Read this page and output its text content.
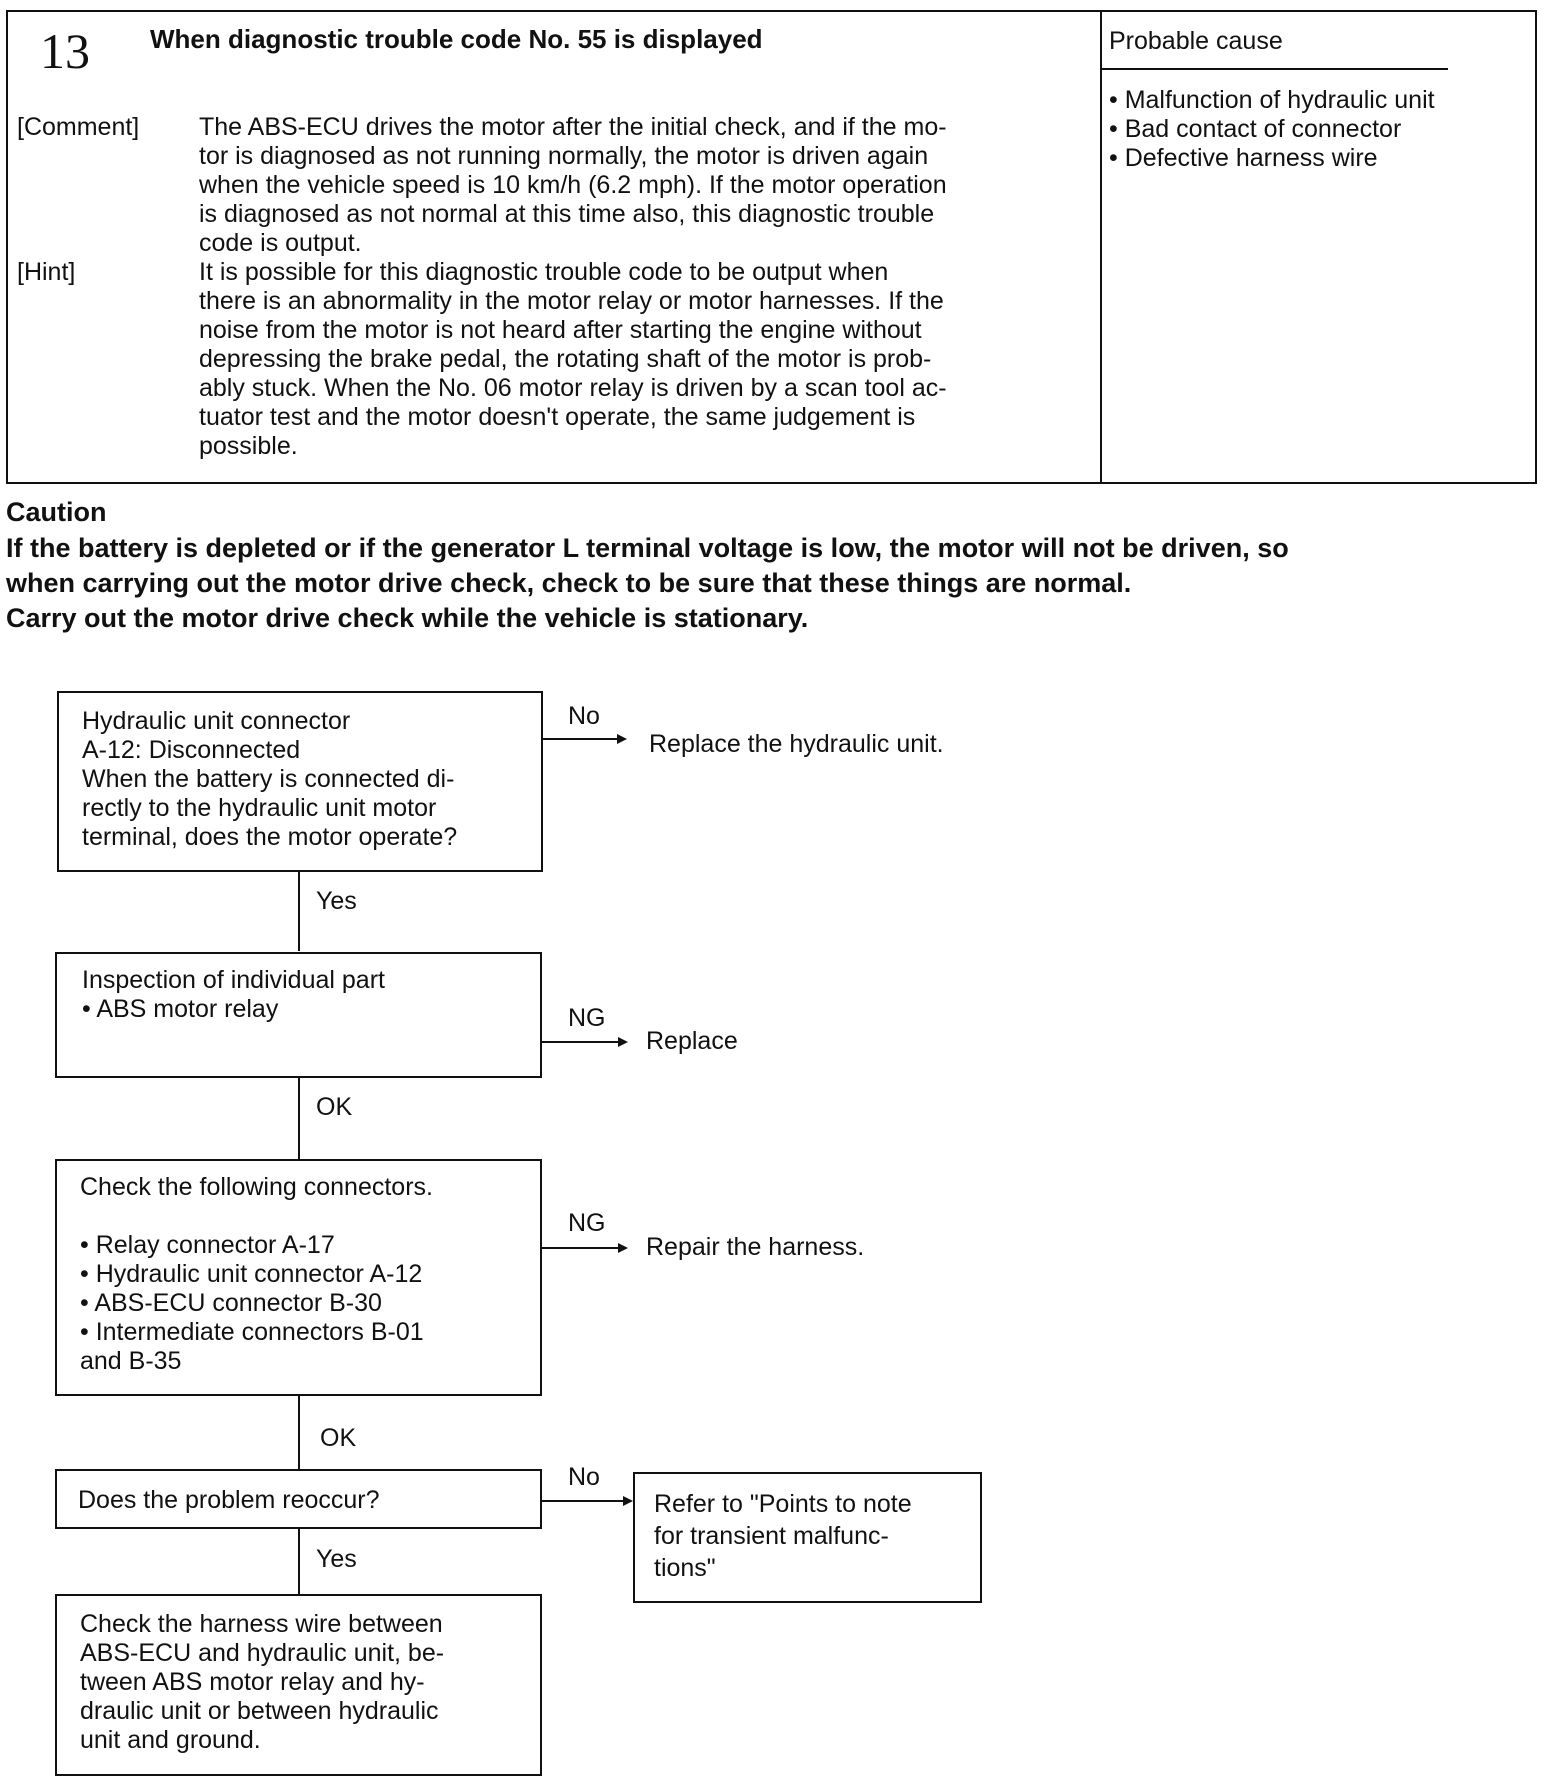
13 When diagnostic trouble code No. 55 is displayed	Probable cause
• Malfunction of hydraulic unit
• Bad contact of connector
• Defective harness wire
[Comment] The ABS-ECU drives the motor after the initial check, and if the mo-
tor is diagnosed as not running normally, the motor is driven again
when the vehicle speed is 10 km/h (6.2 mph). If the motor operation
is diagnosed as not normal at this time also, this diagnostic trouble
code is output.
[Hint]	It is possible for this diagnostic trouble code to be output when
there is an abnormality in the motor relay or motor harnesses. If the
noise from the motor is not heard after starting the engine without
depressing the brake pedal, the rotating shaft of the motor is prob-
ably stuck. When the No. 06 motor relay is driven by a scan tool ac-
tuator test and the motor doesn't operate, the same judgement is
possible.
Caution
If the battery is depleted or if the generator L terminal voltage is low, the motor will not be driven, so
when carrying out the motor drive check, check to be sure that these things are normal.
Carry out the motor drive check while the vehicle is stationary.
Hydraulic unit connector
A-12: Disconnected
When the battery is connected di-
rectly to the hydraulic unit motor
terminal, does the motor operate?
No
Replace the hydraulic unit.
Yes
Inspection of individual part
• ABS motor relay	NG
Replace
OK
Check the following connectors.

• Relay connector A-17
• Hydraulic unit connector A-12
• ABS-ECU connector B-30
• Intermediate connectors B-01
and B-35
NG
Repair the harness.
OK
Does the problem reoccur?
No
Refer to "Points to note
for transient malfunc-
tions"
Yes
Check the harness wire between
ABS-ECU and hydraulic unit, be-
tween ABS motor relay and hy-
draulic unit or between hydraulic
unit and ground.
